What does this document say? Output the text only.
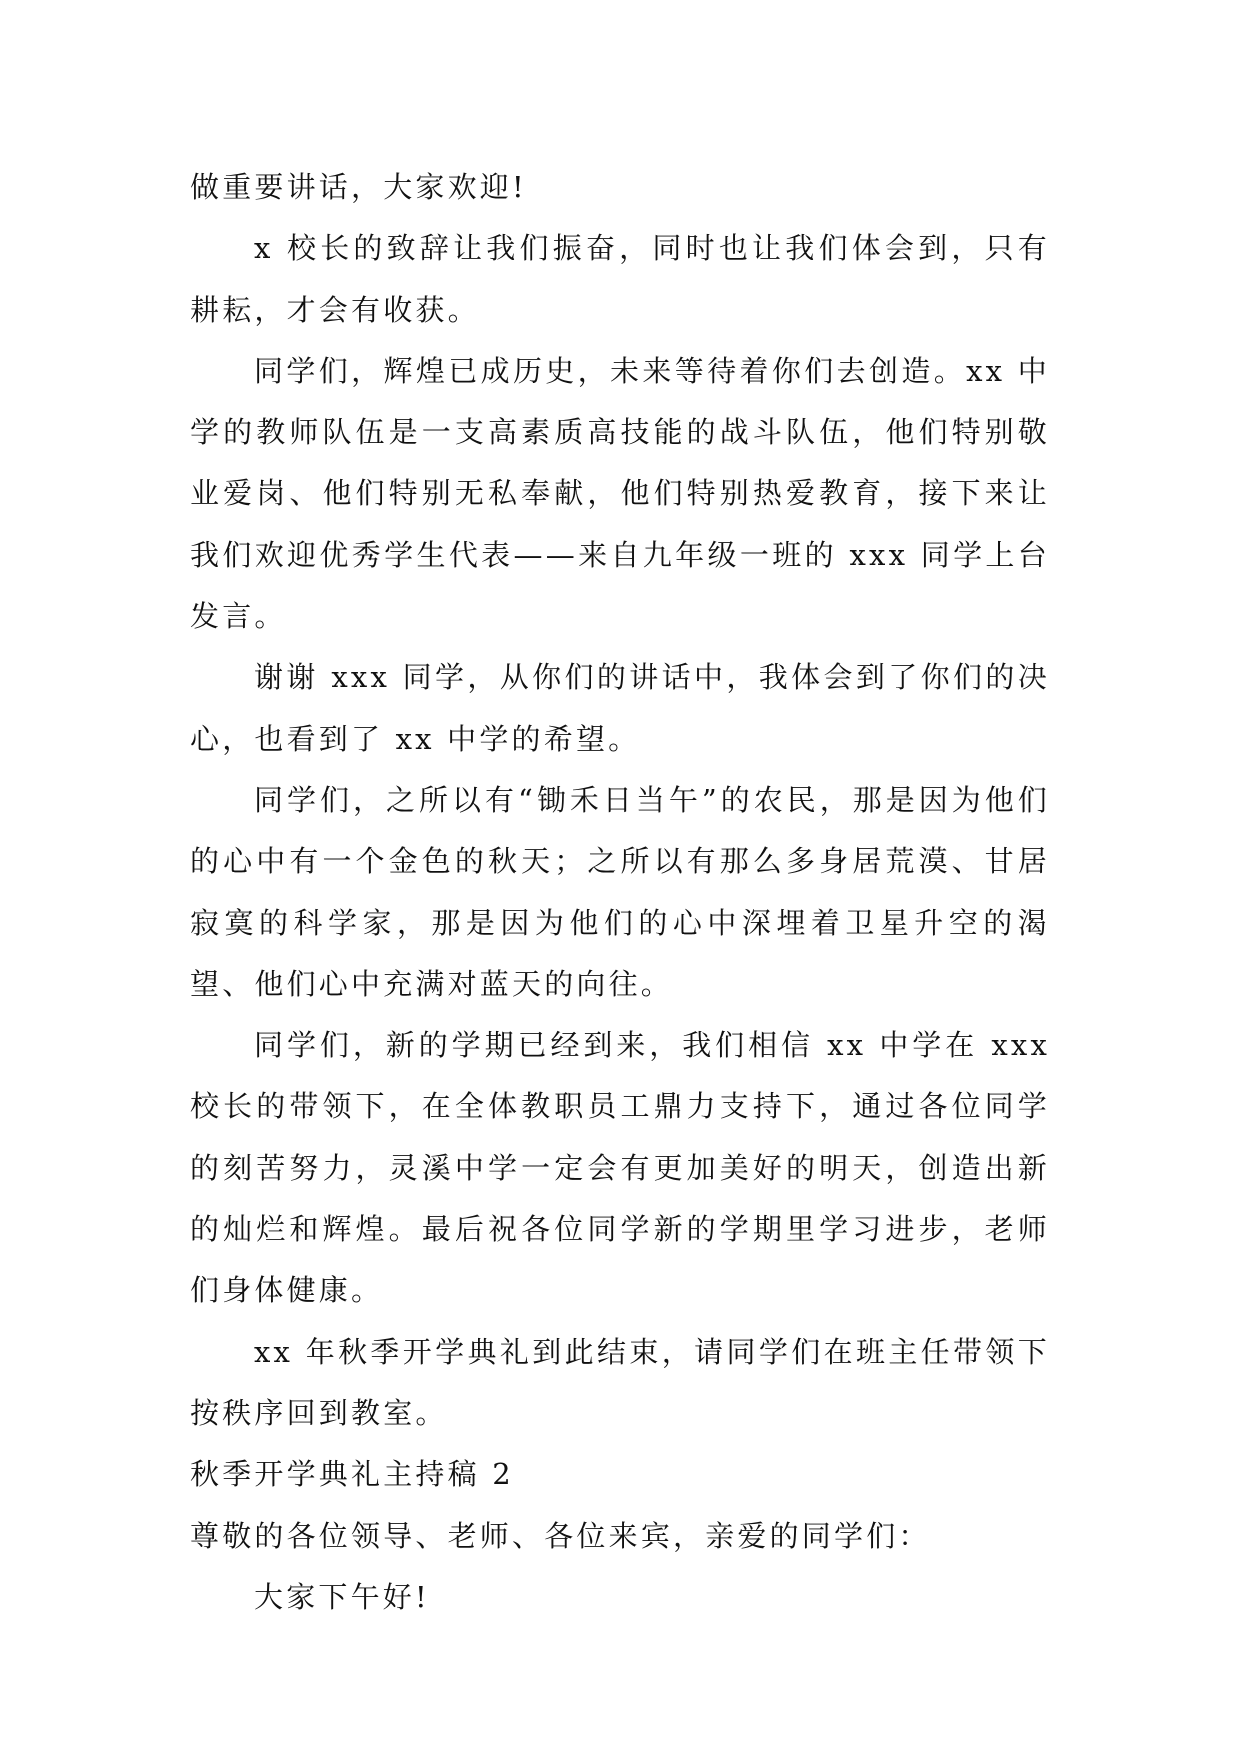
做重要讲话，大家欢迎!

x 校长的致辞让我们振奋，同时也让我们体会到，只有耕耘，才会有收获。

同学们，辉煌已成历史，未来等待着你们去创造。xx 中学的教师队伍是一支高素质高技能的战斗队伍，他们特别敬业爱岗、他们特别无私奉献，他们特别热爱教育，接下来让我们欢迎优秀学生代表——来自九年级一班的 xxx 同学上台发言。

谢谢 xxx 同学，从你们的讲话中，我体会到了你们的决心，也看到了 xx 中学的希望。

同学们，之所以有“锄禾日当午”的农民，那是因为他们的心中有一个金色的秋天；之所以有那么多身居荒漠、甘居寂寞的科学家，那是因为他们的心中深埋着卫星升空的渴望、他们心中充满对蓝天的向往。

同学们，新的学期已经到来，我们相信 xx 中学在 xxx 校长的带领下，在全体教职员工鼎力支持下，通过各位同学的刻苦努力，灵溪中学一定会有更加美好的明天，创造出新的灿烂和辉煌。最后祝各位同学新的学期里学习进步，老师们身体健康。

xx 年秋季开学典礼到此结束，请同学们在班主任带领下按秩序回到教室。

秋季开学典礼主持稿 2

尊敬的各位领导、老师、各位来宾，亲爱的同学们：

大家下午好!
